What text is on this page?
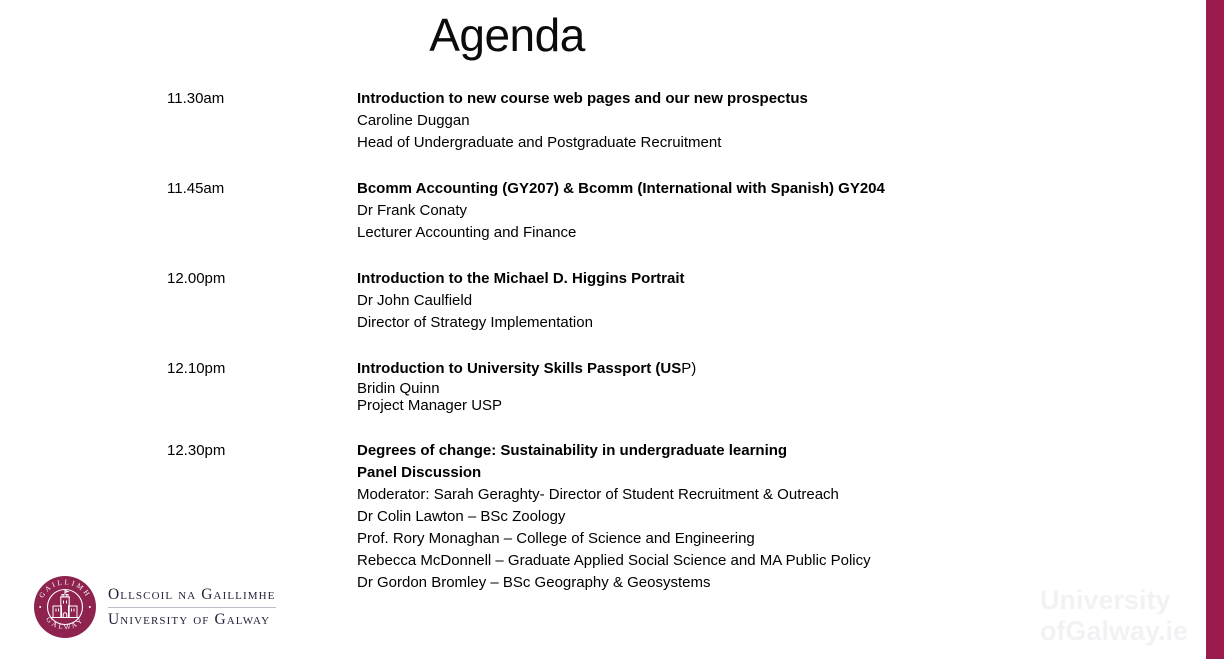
Agenda
11.30am	Introduction to new course web pages and our new prospectus
Caroline Duggan
Head of Undergraduate and Postgraduate Recruitment
11.45am	Bcomm Accounting (GY207) & Bcomm (International with Spanish) GY204
Dr Frank Conaty
Lecturer Accounting and Finance
12.00pm	Introduction to the Michael D. Higgins Portrait
Dr John Caulfield
Director of Strategy Implementation
12.10pm	Introduction to University Skills Passport (USP)
Bridin Quinn
Project Manager USP
12.30pm	Degrees of change: Sustainability in undergraduate learning
Panel Discussion
Moderator: Sarah Geraghty- Director of Student Recruitment & Outreach
Dr Colin Lawton – BSc Zoology
Prof. Rory Monaghan – College of Science and Engineering
Rebecca McDonnell – Graduate Applied Social Science and MA Public Policy
Dr Gordon Bromley – BSc Geography & Geosystems
GAILLIMH
GALWAY
Ollscoil na Gaillimhe
University of Galway
University
ofGalway.ie
